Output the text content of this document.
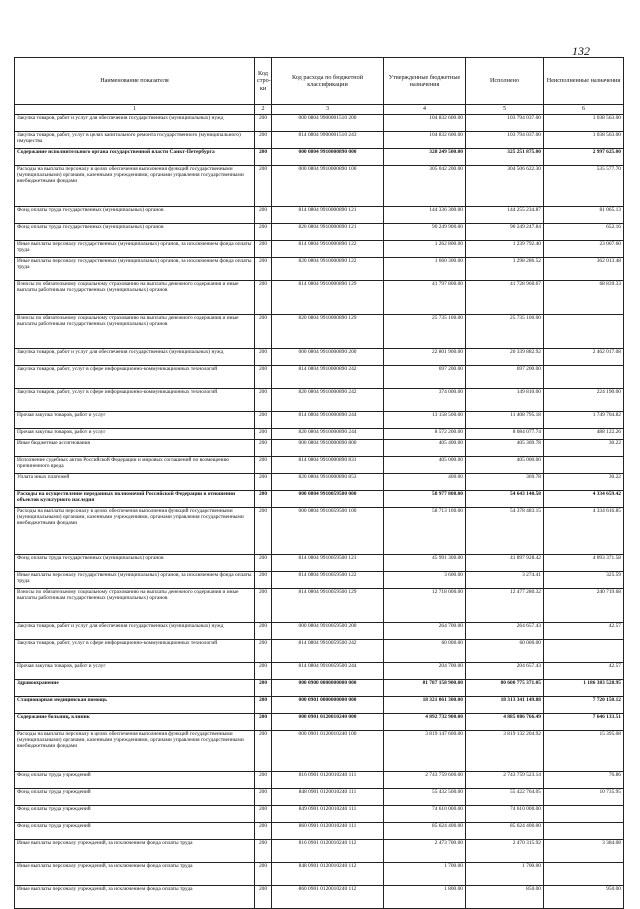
132
Наименование показателя	Код стро-ки	Код расхода по бюджетной классификации	Утвержденные бюджетные назначения	Исполнено	Неисполненные назначения
1	2	3	4	5	6
Закупка товаров, работ и услуг для обеспечения государственных (муниципальных) нужд	200	000 0804 9900001510 200	104 832 600.00	103 794 037.00	1 038 563.00
Закупка товаров, работ, услуг в целях капитального ремонта государственного (муниципального) имущества	200	814 0804 9900001510 243	104 832 600.00	103 794 037.00	1 038 563.00
Содержание исполнительного органа государственной власти Санкт-Петербурга	200	000 0804 9910000890 000	328 249 500.00	325 251 875.00	2 997 625.00
Расходы на выплаты персоналу в целях обеспечения выполнения функций государственными (муниципальными) органами, казенными учреждениями, органами управления государственными внебюджетными фондами	200	000 0804 9910000890 100	305 042 200.00	304 506 622.30	535 577.70
Фонд оплаты труда государственных (муниципальных) органов	200	814 0804 9910000890 121	144 336 300.00	144 255 234.87	81 065.13
Фонд оплаты труда государственных (муниципальных) органов	200	820 0804 9910000890 121	90 249 900.00	90 249 247.84	652.16
Иные выплаты персоналу государственных (муниципальных) органов, за исключением фонда оплаты труда	200	814 0804 9910000890 122	1 262 800.00	1 239 792.40	23 007.60
Иные выплаты персоналу государственных (муниципальных) органов, за исключением фонда оплаты труда	200	820 0804 9910000890 122	1 660 300.00	1 298 286.52	362 013.48
Взносы по обязательному социальному страхованию на выплаты денежного содержания и иные выплаты работникам государственных (муниципальных) органов	200	814 0804 9910000890 129	41 797 800.00	41 728 960.67	68 839.33
Взносы по обязательному социальному страхованию на выплаты денежного содержания и иные выплаты работникам государственных (муниципальных) органов	200	820 0804 9910000890 129	25 735 100.00	25 735 100.00	
Закупка товаров, работ и услуг для обеспечения государственных (муниципальных) нужд	200	000 0804 9910000890 200	22 801 900.00	20 339 882.92	2 462 017.08
Закупка товаров, работ, услуг в сфере информационно-коммуникационных технологий	200	814 0804 9910000890 242	697 200.00	697 200.00	
Закупка товаров, работ, услуг в сфере информационно-коммуникационных технологий	200	820 0804 9910000890 242	374 000.00	149 810.00	224 190.00
Прочая закупка товаров, работ и услуг	200	814 0804 9910000890 244	13 158 500.00	11 408 795.18	1 749 704.82
Прочая закупка товаров, работ и услуг	200	820 0804 9910000890 244	8 572 200.00	8 084 077.74	488 122.26
Иные бюджетные ассигнования	200	000 0804 9910000890 800	405 400.00	405 369.78	30.22
Исполнение судебных актов Российской Федерации и мировых соглашений по возмещению причиненного вреда	200	814 0804 9910000890 831	405 000.00	405 000.00	
Уплата иных платежей	200	820 0804 9910000890 853	400.00	369.78	30.22
Расходы на осуществление переданных полномочий Российской Федерации в отношении объектов культурного наследия	200	000 0804 9910059500 000	58 977 800.00	54 643 140.58	4 334 659.42
Расходы на выплаты персоналу в целях обеспечения выполнения функций государственными (муниципальными) органами, казенными учреждениями, органами управления государственными внебюджетными фондами	200	000 0804 9910059500 100	58 713 100.00	54 378 483.15	4 334 616.85
Фонд оплаты труда государственных (муниципальных) органов	200	814 0804 9910059500 121	45 991 300.00	41 897 928.42	4 093 371.58
Иные выплаты персоналу государственных (муниципальных) органов, за исключением фонда оплаты труда	200	814 0804 9910059500 122	3 600.00	3 274.41	325.59
Взносы по обязательному социальному страхованию на выплаты денежного содержания и иные выплаты работникам государственных (муниципальных) органов	200	814 0804 9910059500 129	12 718 000.00	12 477 280.32	240 719.68
Закупка товаров, работ и услуг для обеспечения государственных (муниципальных) нужд	200	000 0804 9910059500 200	264 700.00	264 657.43	42.57
Закупка товаров, работ, услуг в сфере информационно-коммуникационных технологий	200	814 0804 9910059500 242	60 000.00	60 000.00	
Прочая закупка товаров, работ и услуг	200	814 0804 9910059500 244	204 700.00	204 657.43	42.57
Здравоохранение	200	000 0900 0000000000 000	81 787 158 900.00	80 600 775 371.05	1 186 383 528.95
Стационарная медицинская помощь	200	000 0901 0000000000 000	18 321 061 300.00	18 313 341 149.88	7 720 150.12
Содержание больниц, клиник	200	000 0901 0120010240 000	4 892 732 900.00	4 885 086 766.49	7 646 133.51
Расходы на выплаты персоналу в целях обеспечения выполнения функций государственными (муниципальными) органами, казенными учреждениями, органами управления государственными внебюджетными фондами	200	000 0901 0120010240 100	3 819 147 600.00	3 819 132 204.92	15 395.08
Фонд оплаты труда учреждений	200	816 0901 0120010240 111	2 743 759 600.00	2 743 759 523.14	76.86
Фонд оплаты труда учреждений	200	848 0901 0120010240 111	55 432 500.00	55 422 764.05	10 735.95
Фонд оплаты труда учреждений	200	849 0901 0120010240 111	74 610 000.00	74 610 000.00	
Фонд оплаты труда учреждений	200	860 0901 0120010240 111	85 624 400.00	85 624 400.00	
Иные выплаты персоналу учреждений, за исключением фонда оплаты труда	200	816 0901 0120010240 112	2 473 700.00	2 470 315.92	3 384.08
Иные выплаты персоналу учреждений, за исключением фонда оплаты труда	200	848 0901 0120010240 112	1 700.00	1 700.00	
Иные выплаты персоналу учреждений, за исключением фонда оплаты труда	200	860 0901 0120010240 112	1 800.00	850.00	950.00
